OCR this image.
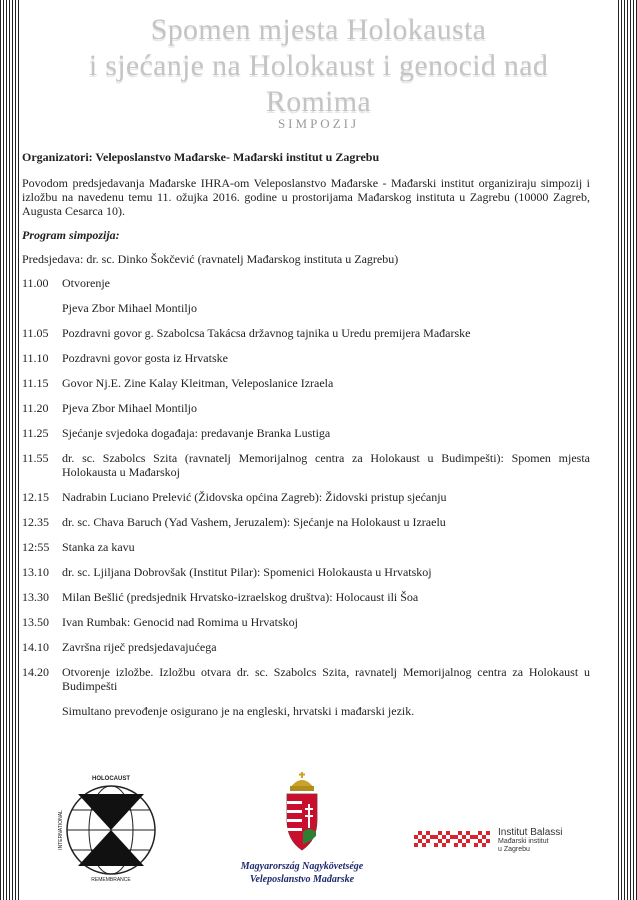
Spomen mjesta Holokausta
i sjećanje na Holokaust i genocid nad
Romima
SIMPOZIJ
Organizatori: Veleposlanstvo Mađarske- Mađarski institut u Zagrebu
Povodom predsjedavanja Mađarske IHRA-om Veleposlanstvo Mađarske - Mađarski institut organiziraju simpozij i izložbu na navedenu temu 11. ožujka 2016. godine u prostorijama Mađarskog instituta u Zagrebu (10000 Zagreb, Augusta Cesarca 10).
Program simpozija:
Predsjedava: dr. sc. Dinko Šokčević (ravnatelj Mađarskog instituta u Zagrebu)
11.00	Otvorenje
Pjeva Zbor Mihael Montiljo
11.05	Pozdravni govor g. Szabolcsa Takácsa državnog tajnika u Uredu premijera Mađarske
11.10	Pozdravni govor gosta iz Hrvatske
11.15	Govor Nj.E. Zine Kalay Kleitman, Veleposlanice Izraela
11.20	Pjeva Zbor Mihael Montiljo
11.25	Sjećanje svjedoka događaja: predavanje Branka Lustiga
11.55	dr. sc. Szabolcs Szita (ravnatelj Memorijalnog centra za Holokaust u Budimpešti): Spomen mjesta Holokausta u Mađarskoj
12.15	Nadrabin Luciano Prelević (Židovska općina Zagreb): Židovski pristup sjećanju
12.35	dr. sc. Chava Baruch (Yad Vashem, Jeruzalem): Sjećanje na Holokaust u Izraelu
12:55	Stanka za kavu
13.10	dr. sc. Ljiljana Dobrovšak (Institut Pilar): Spomenici Holokausta u Hrvatskoj
13.30	Milan Bešlić (predsjednik Hrvatsko-izraelskog društva): Holocaust ili Šoa
13.50	Ivan Rumbak: Genocid nad Romima u Hrvatskoj
14.10	Završna riječ predsjedavajućega
14.20	Otvorenje izložbe. Izložbu otvara dr. sc. Szabolcs Szita, ravnatelj Memorijalnog centra za Holokaust u Budimpešti
Simultano prevođenje osigurano je na engleski, hrvatski i mađarski jezik.
HOLOCAUST
INTERNATIONAL
REMEMBRANCE
Magyarország Nagykövetsége
Veleposlanstvo Mađarske
Institut Balassi
Mađarski institut
u Zagrebu
